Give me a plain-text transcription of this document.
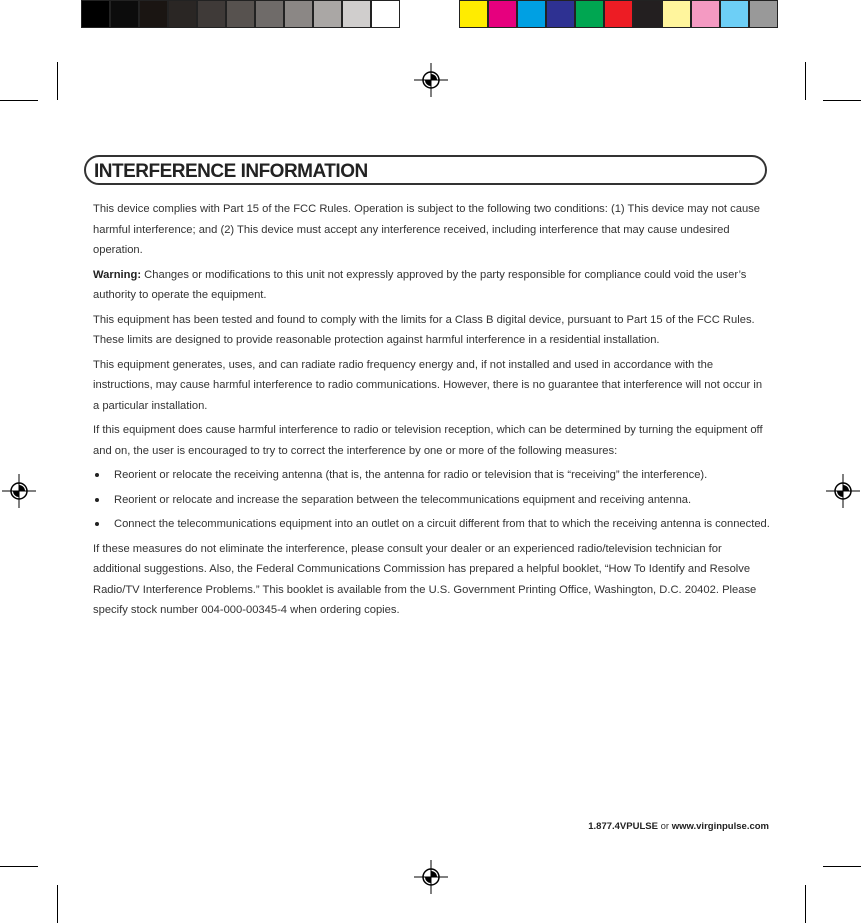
INTERFERENCE INFORMATION

This device complies with Part 15 of the FCC Rules. Operation is subject to the following two conditions: (1) This device may not cause harmful interference; and (2) This device must accept any interference received, including interference that may cause undesired operation.

Warning: Changes or modifications to this unit not expressly approved by the party responsible for compliance could void the user’s authority to operate the equipment.

This equipment has been tested and found to comply with the limits for a Class B digital device, pursuant to Part 15 of the FCC Rules. These limits are designed to provide reasonable protection against harmful interference in a residential installation.

This equipment generates, uses, and can radiate radio frequency energy and, if not installed and used in accordance with the instructions, may cause harmful interference to radio communications. However, there is no guarantee that interference will not occur in a particular installation.

If this equipment does cause harmful interference to radio or television reception, which can be determined by turning the equipment off and on, the user is encouraged to try to correct the interference by one or more of the following measures:

Reorient or relocate the receiving antenna (that is, the antenna for radio or television that is “receiving” the interference).
Reorient or relocate and increase the separation between the telecommunications equipment and receiving antenna.
Connect the telecommunications equipment into an outlet on a circuit different from that to which the receiving antenna is connected.

If these measures do not eliminate the interference, please consult your dealer or an experienced radio/television technician for additional suggestions. Also, the Federal Communications Commission has prepared a helpful booklet, “How To Identify and Resolve Radio/TV Interference Problems.” This booklet is available from the U.S. Government Printing Office, Washington, D.C. 20402. Please specify stock number 004-000-00345-4 when ordering copies.

1.877.4VPULSE or www.virginpulse.com
